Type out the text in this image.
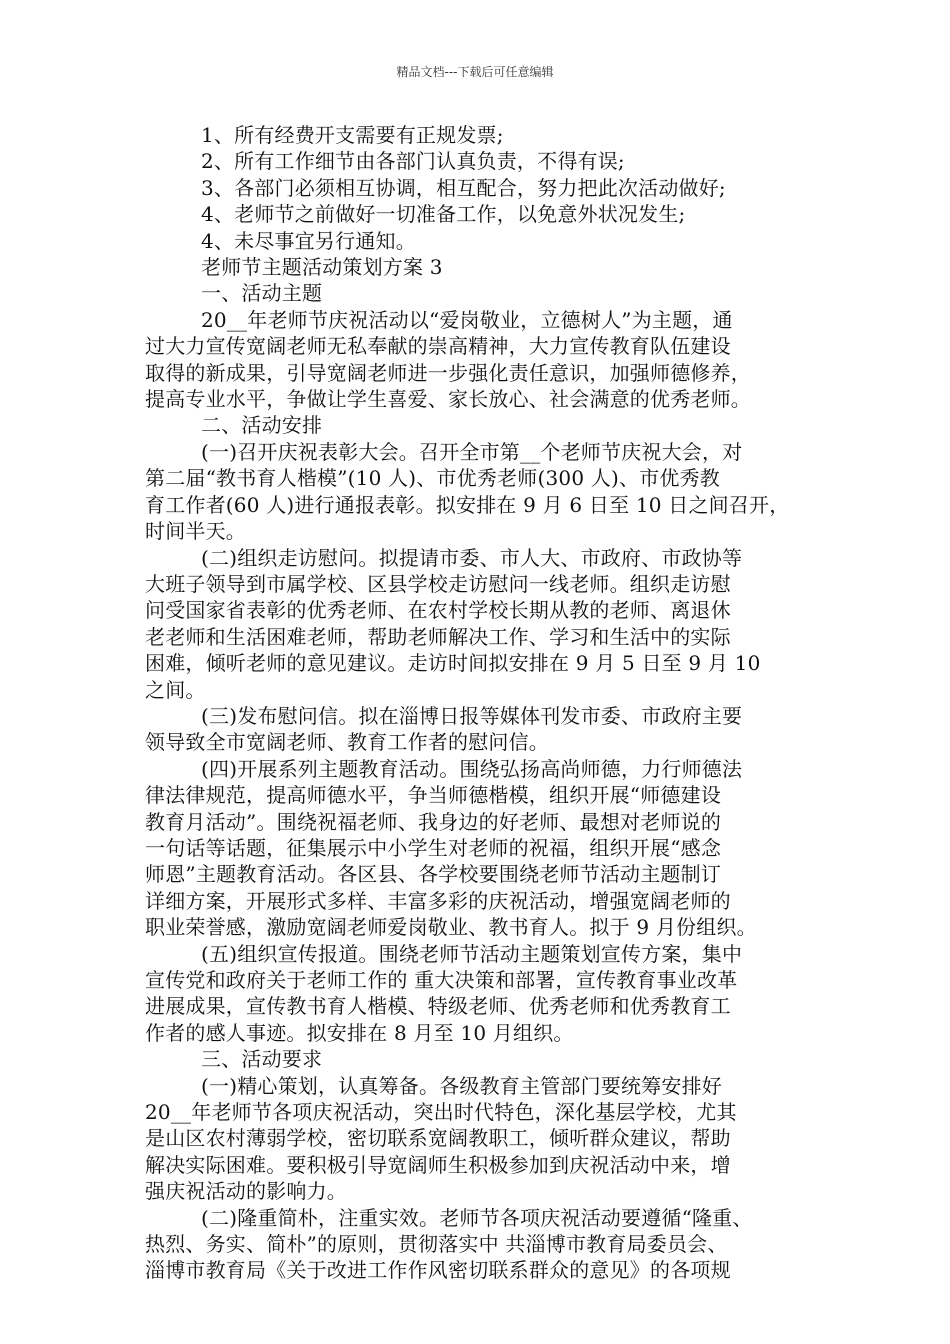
精品文档---下载后可任意编辑
1、所有经费开支需要有正规发票;
2、所有工作细节由各部门认真负责，不得有误;
3、各部门必须相互协调，相互配合，努力把此次活动做好;
4、老师节之前做好一切准备工作，以免意外状况发生;
4、未尽事宜另行通知。
老师节主题活动策划方案 3
一、活动主题
20__年老师节庆祝活动以“爱岗敬业，立德树人”为主题，通
过大力宣传宽阔老师无私奉献的崇高精神，大力宣传教育队伍建设
取得的新成果，引导宽阔老师进一步强化责任意识，加强师德修养，
提高专业水平，争做让学生喜爱、家长放心、社会满意的优秀老师。
二、活动安排
(一)召开庆祝表彰大会。召开全市第__个老师节庆祝大会，对
第二届“教书育人楷模”(10 人)、市优秀老师(300 人)、市优秀教
育工作者(60 人)进行通报表彰。拟安排在 9 月 6 日至 10 日之间召开，
时间半天。
(二)组织走访慰问。拟提请市委、市人大、市政府、市政协等
大班子领导到市属学校、区县学校走访慰问一线老师。组织走访慰
问受国家省表彰的优秀老师、在农村学校长期从教的老师、离退休
老老师和生活困难老师，帮助老师解决工作、学习和生活中的实际
困难，倾听老师的意见建议。走访时间拟安排在 9 月 5 日至 9 月 10
之间。
(三)发布慰问信。拟在淄博日报等媒体刊发市委、市政府主要
领导致全市宽阔老师、教育工作者的慰问信。
(四)开展系列主题教育活动。围绕弘扬高尚师德，力行师德法
律法律规范，提高师德水平，争当师德楷模，组织开展“师德建设
教育月活动”。围绕祝福老师、我身边的好老师、最想对老师说的
一句话等话题，征集展示中小学生对老师的祝福，组织开展“感念
师恩”主题教育活动。各区县、各学校要围绕老师节活动主题制订
详细方案，开展形式多样、丰富多彩的庆祝活动，增强宽阔老师的
职业荣誉感，激励宽阔老师爱岗敬业、教书育人。拟于 9 月份组织。
(五)组织宣传报道。围绕老师节活动主题策划宣传方案，集中
宣传党和政府关于老师工作的 重大决策和部署，宣传教育事业改革
进展成果，宣传教书育人楷模、特级老师、优秀老师和优秀教育工
作者的感人事迹。拟安排在 8 月至 10 月组织。
三、活动要求
(一)精心策划，认真筹备。各级教育主管部门要统筹安排好
20__年老师节各项庆祝活动，突出时代特色，深化基层学校，尤其
是山区农村薄弱学校，密切联系宽阔教职工，倾听群众建议，帮助
解决实际困难。要积极引导宽阔师生积极参加到庆祝活动中来，增
强庆祝活动的影响力。
(二)隆重简朴，注重实效。老师节各项庆祝活动要遵循“隆重、
热烈、务实、简朴”的原则，贯彻落实中 共淄博市教育局委员会、
淄博市教育局《关于改进工作作风密切联系群众的意见》的各项规
